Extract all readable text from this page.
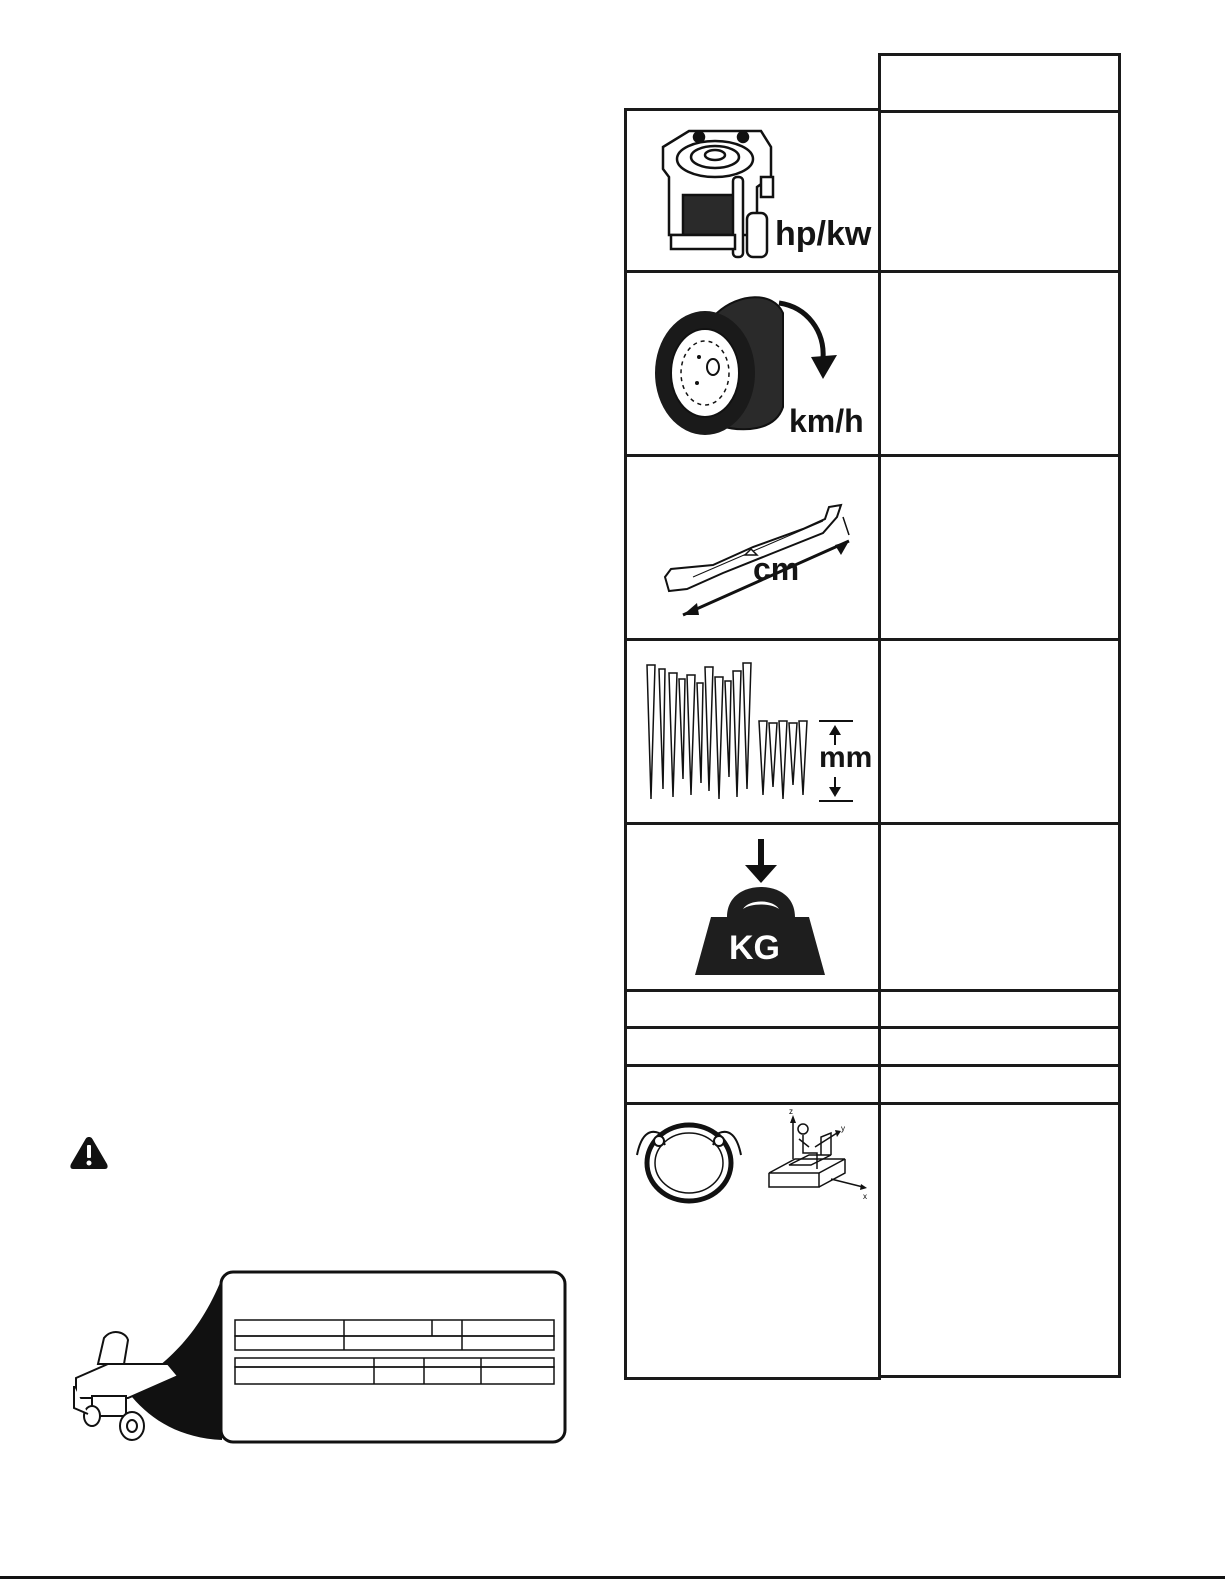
hp/kw
km/h
cm
mm
KG
z
y
x
